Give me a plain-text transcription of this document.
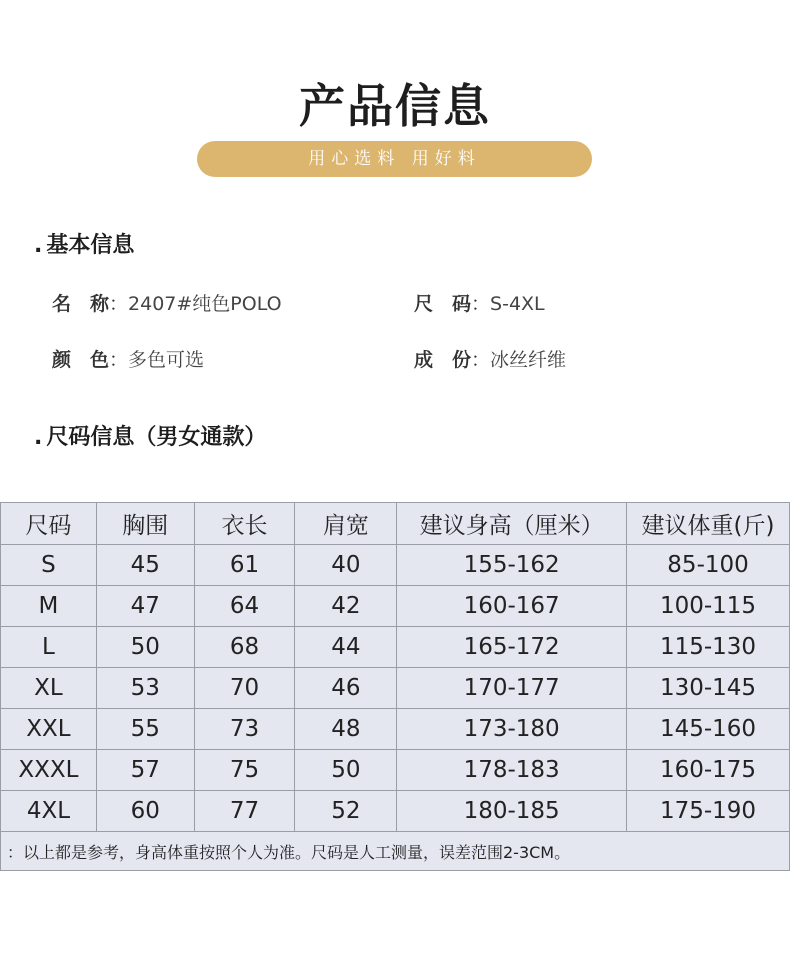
产品信息
用心选料 用好料
. 基本信息
名　称：2407#纯色POLO	尺　码：S-4XL
颜　色：多色可选	成　份：冰丝纤维
. 尺码信息（男女通款）
尺码	胸围	衣长	肩宽	建议身高（厘米）	建议体重(斤)
S	45	61	40	155-162	85-100
M	47	64	42	160-167	100-115
L	50	68	44	165-172	115-130
XL	53	70	46	170-177	130-145
XXL	55	73	48	173-180	145-160
XXXL	57	75	50	178-183	160-175
4XL	60	77	52	180-185	175-190
：以上都是参考，身高体重按照个人为准。尺码是人工测量，误差范围2-3CM。					
